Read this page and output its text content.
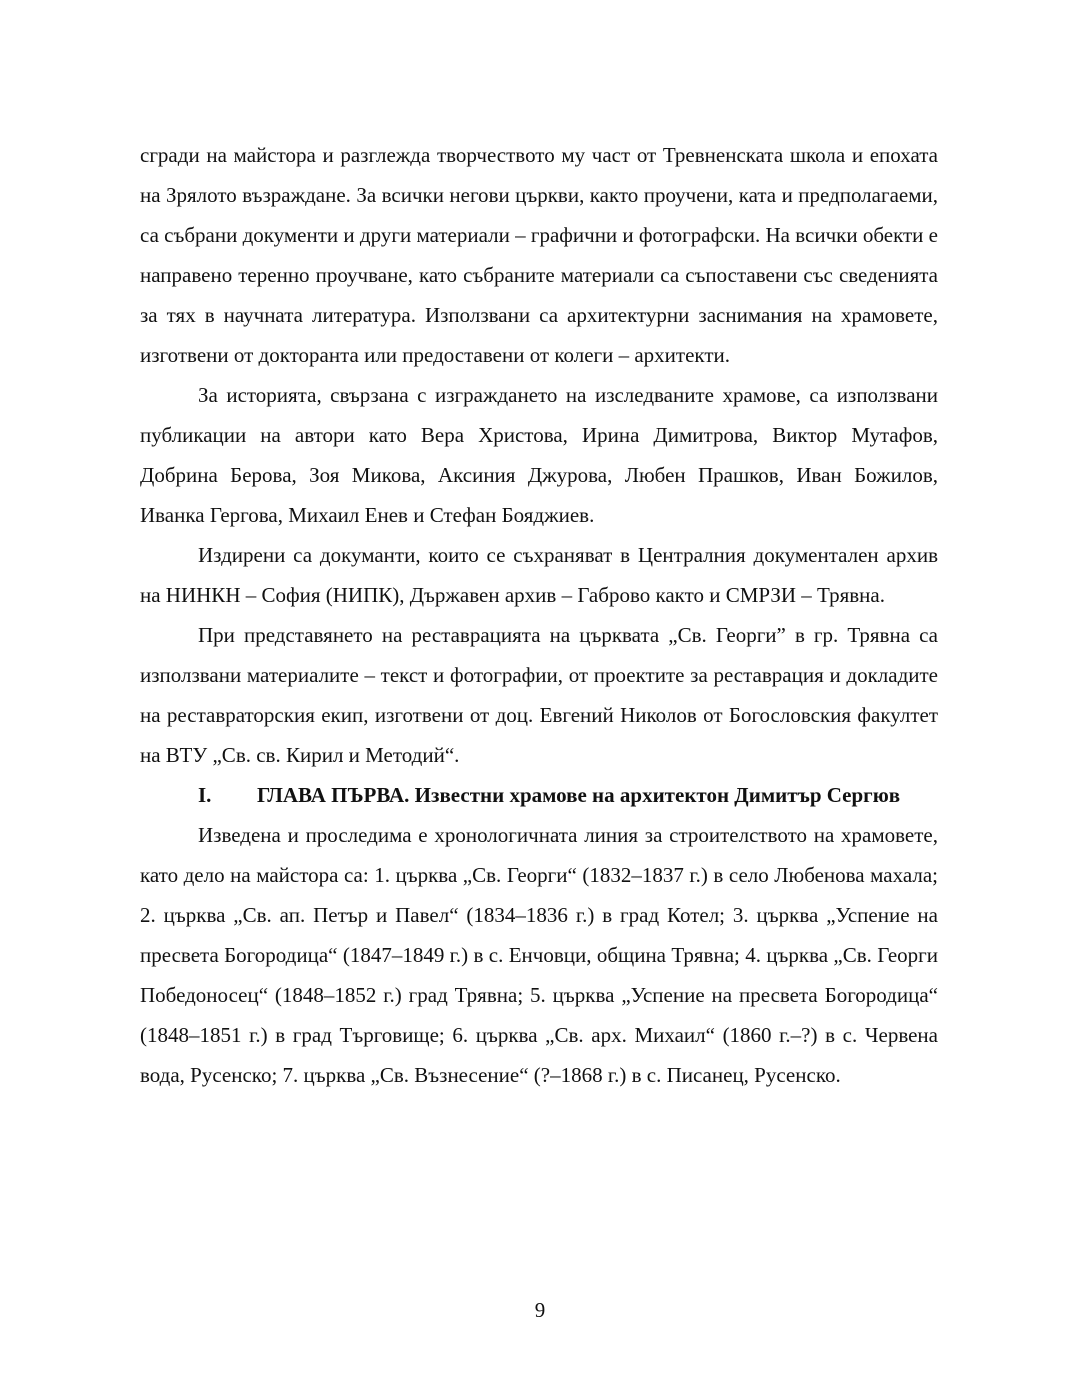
сгради на майстора и разглежда творчеството му част от Тревненската школа и епохата на Зрялото възраждане. За всички негови църкви, както проучени, ката и предполагаеми, са събрани документи и други материали – графични и фотографски. На всички обекти е направено теренно проучване, като събраните материали са съпоставени със сведенията за тях в научната литература. Използвани са архитектурни заснимания на храмовете, изготвени от докторанта или предоставени от колеги – архитекти.

За историята, свързана с изграждането на изследваните храмове, са използвани публикации на автори като Вера Христова, Ирина Димитрова, Виктор Мутафов, Добрина Берова, Зоя Микова, Аксиния Джурова, Любен Прашков, Иван Божилов, Иванка Гергова, Михаил Енев и Стефан Бояджиев.

Издирени са докуманти, които се съхраняват в Централния документален архив на НИНКН – София (НИПК), Държавен архив – Габрово както и СМРЗИ – Трявна.

При представянето на реставрацията на църквата „Св. Георги” в гр. Трявна са използвани материалите – текст и фотографии, от проектите за реставрация и докладите на реставраторския екип, изготвени от доц. Евгений Николов от Богословския факултет на ВТУ „Св. св. Кирил и Методий“.

I.	ГЛАВА ПЪРВА. Известни храмове на архитектон Димитър Сергюв

Изведена и проследима е хронологичната линия за строителството на храмовете, като дело на майстора са: 1. църква „Св. Георги“ (1832–1837 г.) в село Любенова махала; 2. църква „Св. ап. Петър и Павел“ (1834–1836 г.) в град Котел; 3. църква „Успение на пресвета Богородица“ (1847–1849 г.) в с. Енчовци, община Трявна; 4. църква „Св. Георги Победоносец“ (1848–1852 г.) град Трявна; 5. църква „Успение на пресвета Богородица“ (1848–1851 г.) в град Търговище; 6. църква „Св. арх. Михаил“ (1860 г.–?) в с. Червена вода, Русенско; 7. църква „Св. Възнесение“ (?–1868 г.) в с. Писанец, Русенско.

9
